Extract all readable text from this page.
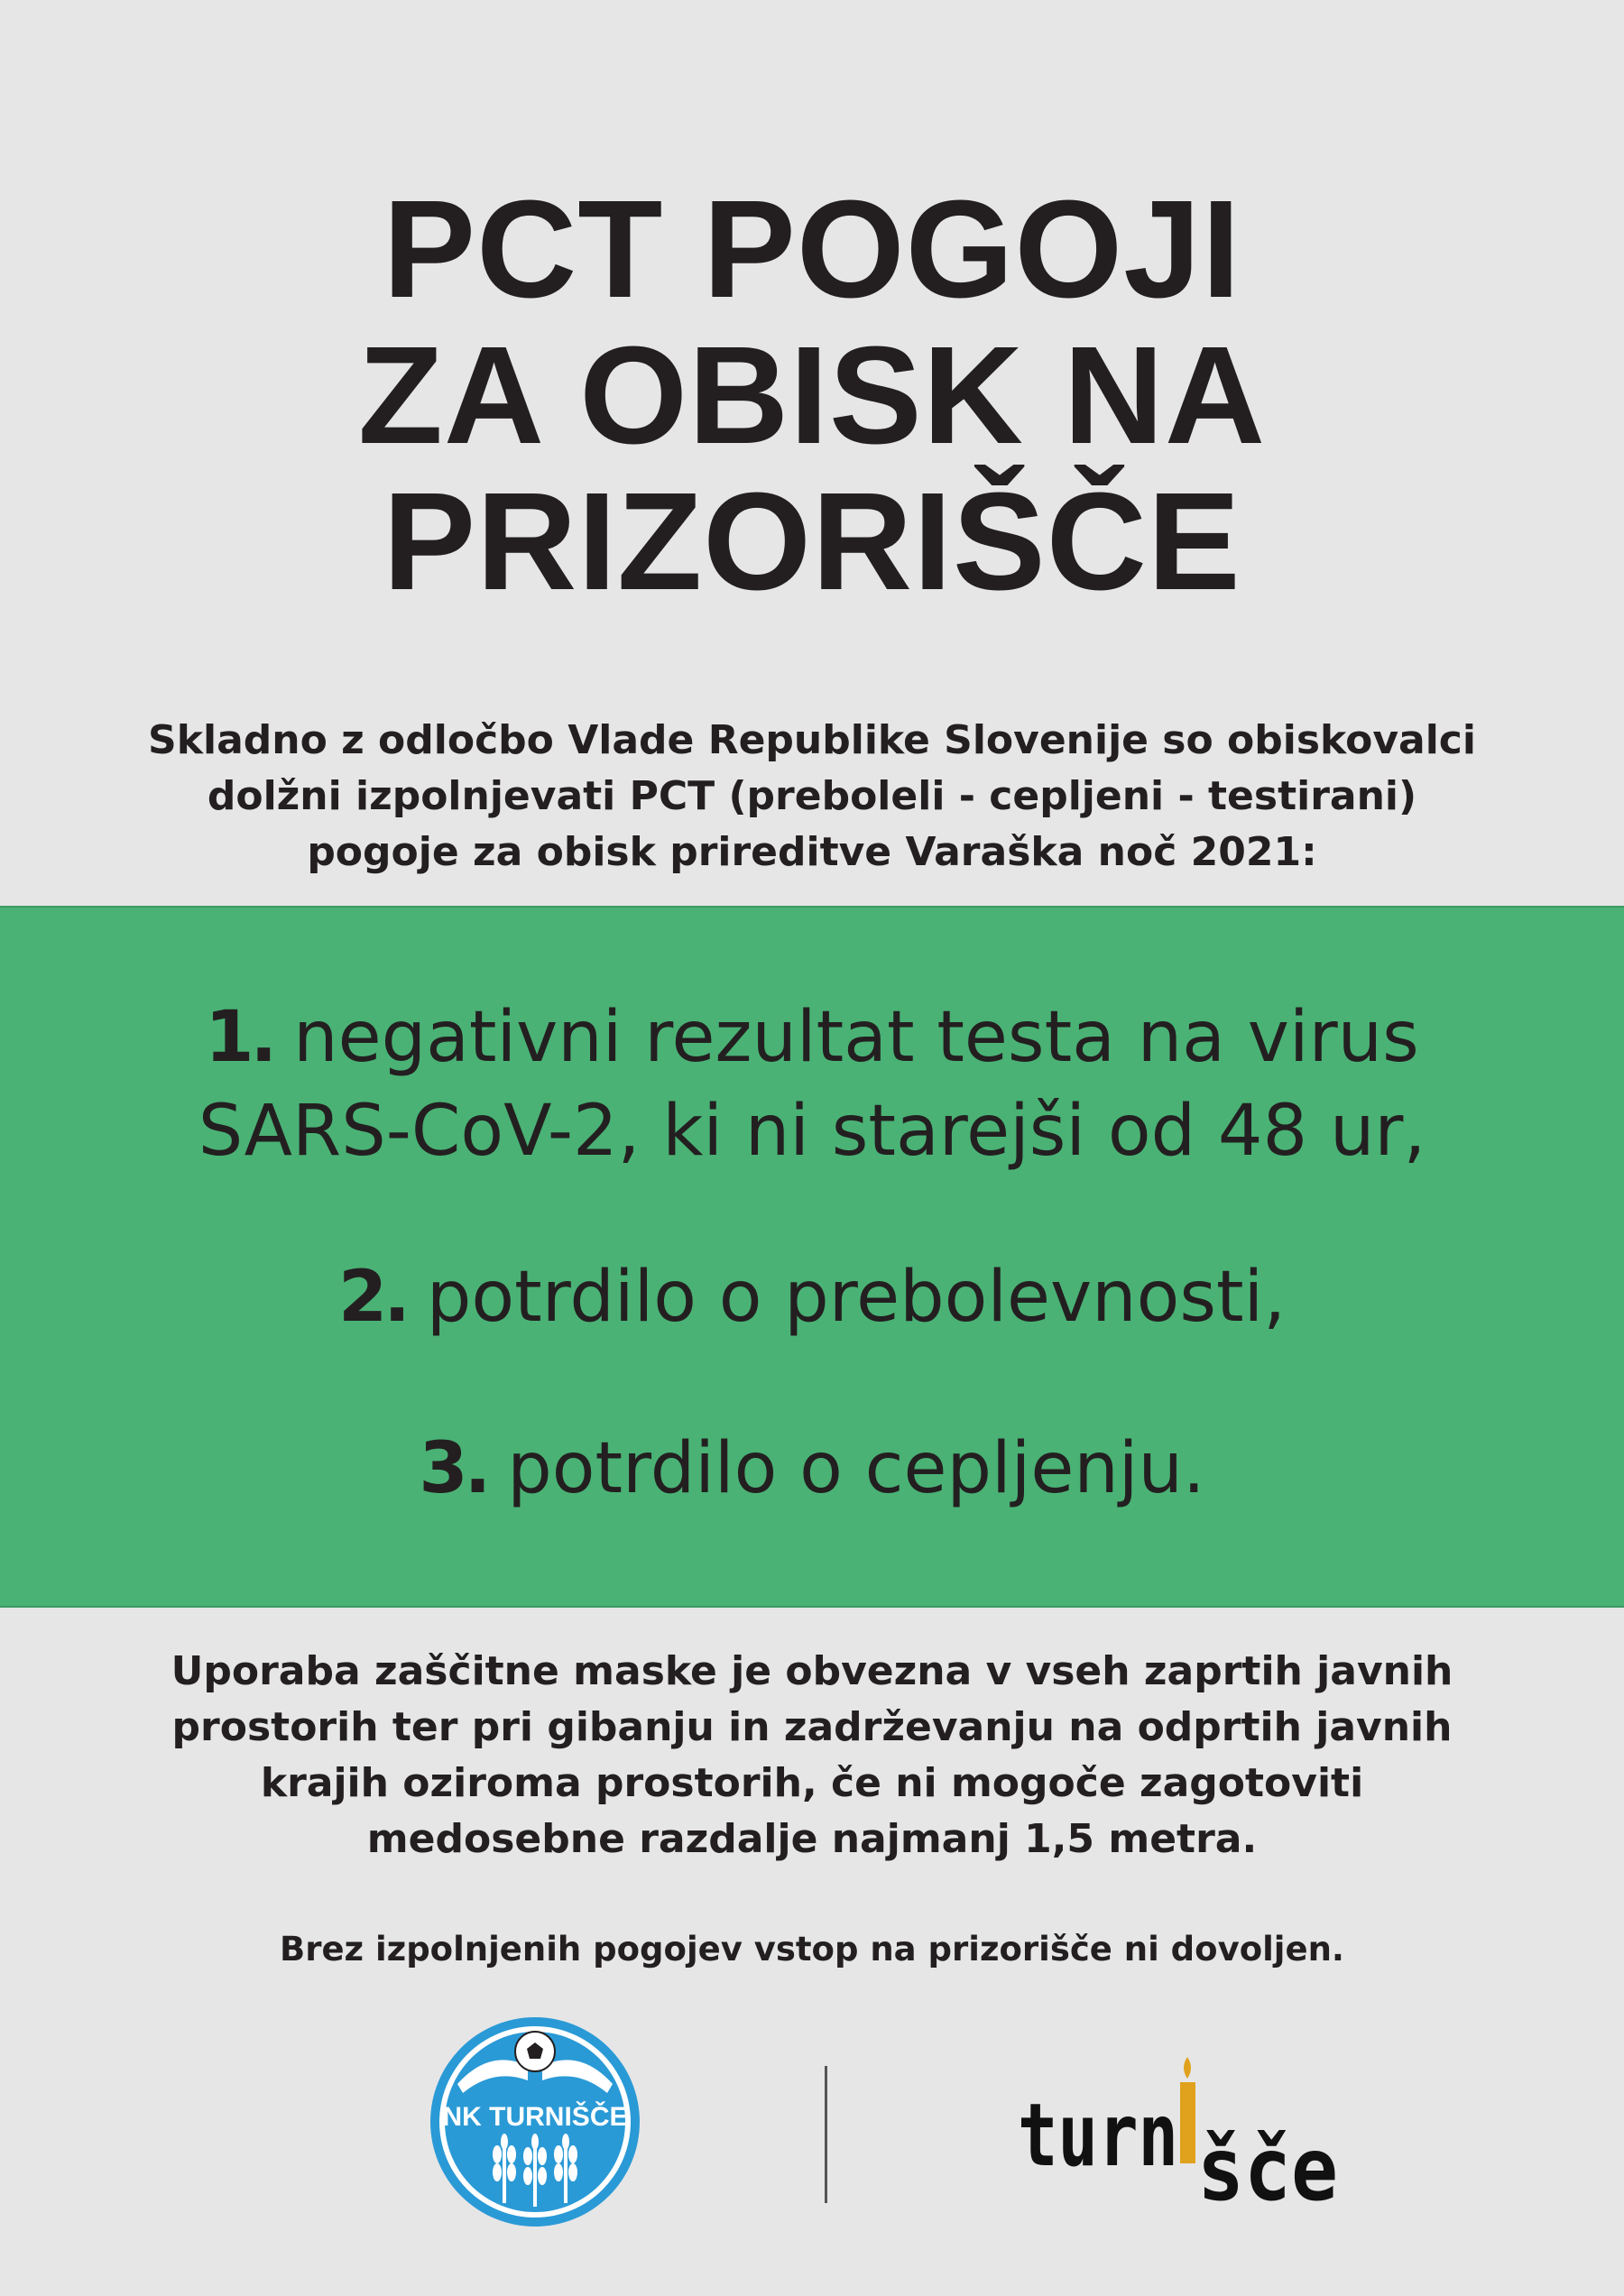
PCT POGOJI
ZA OBISK NA
PRIZORIŠČE

Skladno z odločbo Vlade Republike Slovenije so obiskovalci
dolžni izpolnjevati PCT (preboleli - cepljeni - testirani)
pogoje za obisk prireditve Varaška noč 2021:

1. negativni rezultat testa na virus
SARS-CoV-2, ki ni starejši od 48 ur,

2. potrdilo o prebolevnosti,

3. potrdilo o cepljenju.

Uporaba zaščitne maske je obvezna v vseh zaprtih javnih
prostorih ter pri gibanju in zadrževanju na odprtih javnih
krajih oziroma prostorih, če ni mogoče zagotoviti
medosebne razdalje najmanj 1,5 metra.

Brez izpolnjenih pogojev vstop na prizorišče ni dovoljen.

NK TURNIŠČE	turn šče
